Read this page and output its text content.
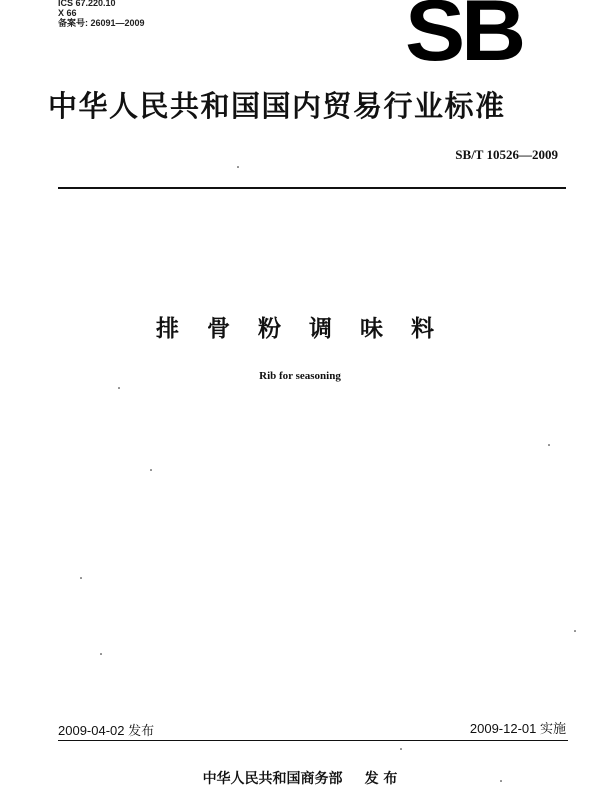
ICS 67.220.10
X 66
备案号: 26091—2009	SB
中华人民共和国国内贸易行业标准
SB/T 10526—2009
排 骨 粉 调 味 料
Rib for seasoning
2009-04-02 发布	2009-12-01 实施
中华人民共和国商务部 发 布
